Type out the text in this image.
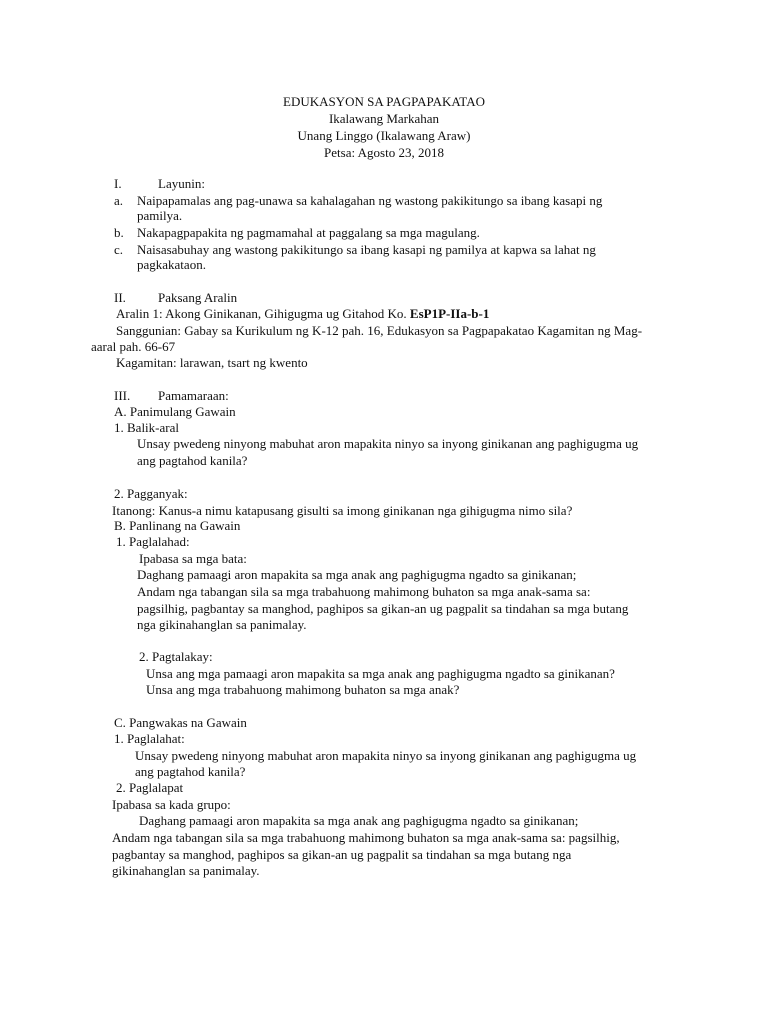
EDUKASYON SA PAGPAPAKATAO
Ikalawang Markahan
Unang Linggo (Ikalawang Araw)
Petsa: Agosto 23, 2018
I.	Layunin:
a. Naipapamalas ang pag-unawa sa kahalagahan ng wastong pakikitungo sa ibang kasapi ng
pamilya.
b. Nakapagpapakita ng pagmamahal at paggalang sa mga magulang.
c. Naisasabuhay ang wastong pakikitungo sa ibang kasapi ng pamilya at kapwa sa lahat ng
pagkakataon.
II. Paksang Aralin
Aralin 1: Akong Ginikanan, Gihigugma ug Gitahod Ko. EsP1P-IIa-b-1
Sanggunian: Gabay sa Kurikulum ng K-12 pah. 16, Edukasyon sa Pagpapakatao Kagamitan ng Mag-
aaral pah. 66-67
Kagamitan: larawan, tsart ng kwento
III. Pamamaraan:
A. Panimulang Gawain
1. Balik-aral
Unsay pwedeng ninyong mabuhat aron mapakita ninyo sa inyong ginikanan ang paghigugma ug
ang pagtahod kanila?
2. Pagganyak:
Itanong: Kanus-a nimu katapusang gisulti sa imong ginikanan nga gihigugma nimo sila?
B. Panlinang na Gawain
1. Paglalahad:
Ipabasa sa mga bata:
Daghang pamaagi aron mapakita sa mga anak ang paghigugma ngadto sa ginikanan;
Andam nga tabangan sila sa mga trabahuong mahimong buhaton sa mga anak-sama sa:
pagsilhig, pagbantay sa manghod, paghipos sa gikan-an ug pagpalit sa tindahan sa mga butang
nga gikinahanglan sa panimalay.
2. Pagtalakay:
Unsa ang mga pamaagi aron mapakita sa mga anak ang paghigugma ngadto sa ginikanan?
Unsa ang mga trabahuong mahimong buhaton sa mga anak?
C. Pangwakas na Gawain
1. Paglalahat:
Unsay pwedeng ninyong mabuhat aron mapakita ninyo sa inyong ginikanan ang paghigugma ug
ang pagtahod kanila?
2. Paglalapat
Ipabasa sa kada grupo:
Daghang pamaagi aron mapakita sa mga anak ang paghigugma ngadto sa ginikanan;
Andam nga tabangan sila sa mga trabahuong mahimong buhaton sa mga anak-sama sa: pagsilhig,
pagbantay sa manghod, paghipos sa gikan-an ug pagpalit sa tindahan sa mga butang nga
gikinahanglan sa panimalay.
